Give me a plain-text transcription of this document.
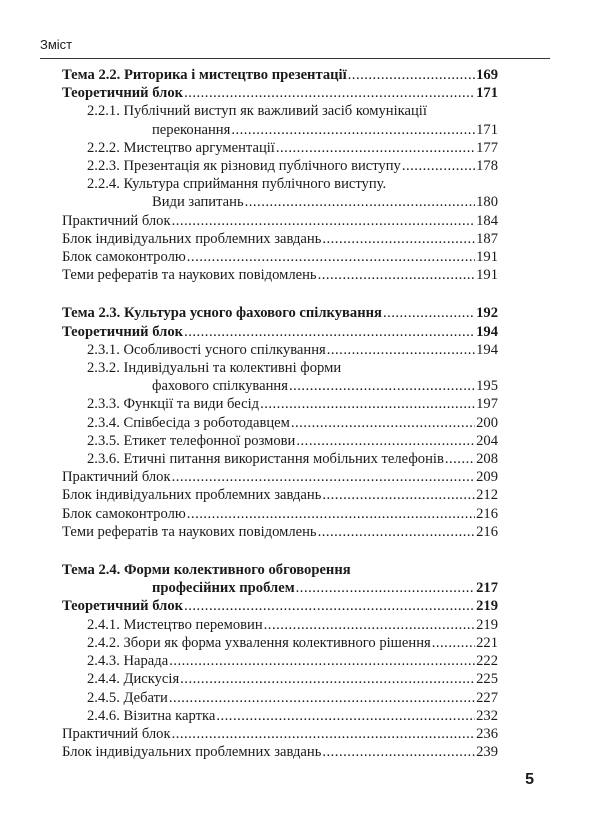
Зміст
Тема 2.2. Риторика і мистецтво презентації .....	169
Теоретичний блок .....	171
2.2.1. Публічний виступ як важливий засіб комунікації
переконання .....	171
2.2.2. Мистецтво аргументації .....	177
2.2.3. Презентація як різновид публічного виступу .....	178
2.2.4. Культура сприймання публічного виступу.
Види запитань .....	180
Практичний блок .....	184
Блок індивідуальних проблемних завдань .....	187
Блок самоконтролю .....	191
Теми рефератів та наукових повідомлень .....	191
Тема 2.3. Культура усного фахового спілкування .....	192
Теоретичний блок .....	194
2.3.1. Особливості усного спілкування .....	194
2.3.2. Індивідуальні та колективні форми
фахового спілкування .....	195
2.3.3. Функції та види бесід .....	197
2.3.4. Співбесіда з роботодавцем .....	200
2.3.5. Етикет телефонної розмови .....	204
2.3.6. Етичні питання використання мобільних телефонів ..... 208
Практичний блок .....	209
Блок індивідуальних проблемних завдань .....	212
Блок самоконтролю .....	216
Теми рефератів та наукових повідомлень .....	216
Тема 2.4. Форми колективного обговорення
професійних проблем .....	217
Теоретичний блок .....	219
2.4.1. Мистецтво перемовин .....	219
2.4.2. Збори як форма ухвалення колективного рішення .....	221
2.4.3. Нарада .....	222
2.4.4. Дискусія .....	225
2.4.5. Дебати .....	227
2.4.6. Візитна картка .....	232
Практичний блок .....	236
Блок індивідуальних проблемних завдань .....	239
5
